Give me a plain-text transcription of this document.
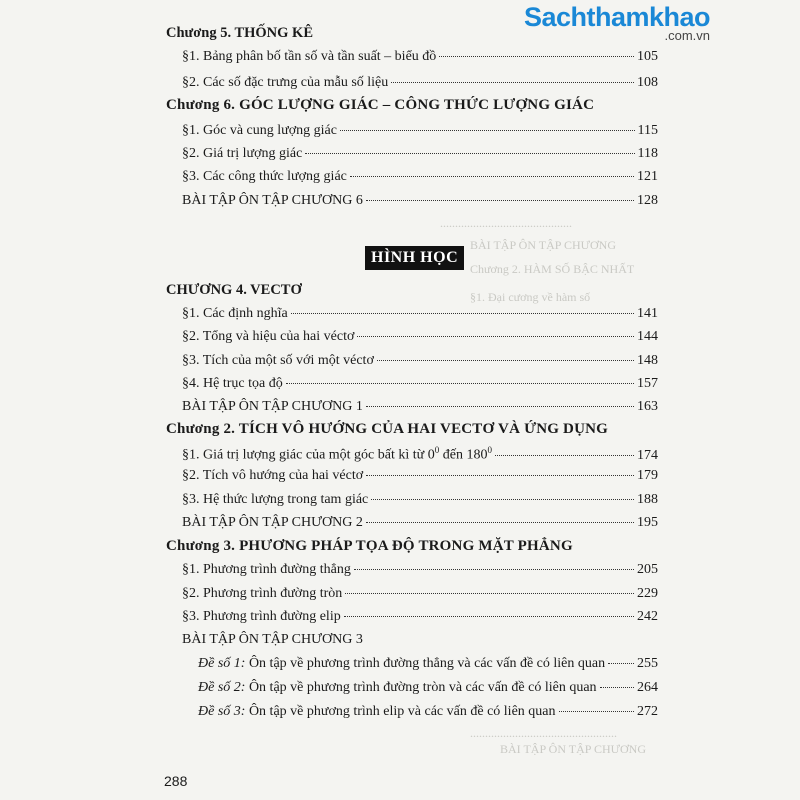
Sachthamkhao
.com.vn
Chương 5. THỐNG KÊ
§1. Bảng phân bố tần số và tần suất – biểu đồ	105
§2. Các số đặc trưng của mẫu số liệu	108
Chương 6. GÓC LƯỢNG GIÁC – CÔNG THỨC LƯỢNG GIÁC
§1. Góc và cung lượng giác	115
§2. Giá trị lượng giác	118
§3. Các công thức lượng giác	121
BÀI TẬP ÔN TẬP CHƯƠNG 6	128
............................................
BÀI TẬP ÔN TẬP CHƯƠNG
Chương 2. HÀM SỐ BẬC NHẤT
§1. Đại cương về hàm số
HÌNH HỌC
CHƯƠNG 4. VECTƠ
§1. Các định nghĩa	141
§2. Tổng và hiệu của hai véctơ	144
§3. Tích của một số với một véctơ	148
§4. Hệ trục tọa độ	157
BÀI TẬP ÔN TẬP CHƯƠNG 1	163
Chương 2. TÍCH VÔ HƯỚNG CỦA HAI VECTƠ VÀ ỨNG DỤNG
§1. Giá trị lượng giác của một góc bất kì từ $0^0$ đến $180^0$	174
§2. Tích vô hướng của hai véctơ	179
§3. Hệ thức lượng trong tam giác	188
BÀI TẬP ÔN TẬP CHƯƠNG 2	195
Chương 3. PHƯƠNG PHÁP TỌA ĐỘ TRONG MẶT PHẲNG
§1. Phương trình đường thẳng	205
§2. Phương trình đường tròn	229
§3. Phương trình đường elip	242
BÀI TẬP ÔN TẬP CHƯƠNG 3
Đề số 1: Ôn tập về phương trình đường thẳng và các vấn đề có liên quan 255
Đề số 2: Ôn tập về phương trình đường tròn và các vấn đề có liên quan	264
Đề số 3: Ôn tập về phương trình elip và các vấn đề có liên quan	272
.................................................
BÀI TẬP ÔN TẬP CHƯƠNG
288
